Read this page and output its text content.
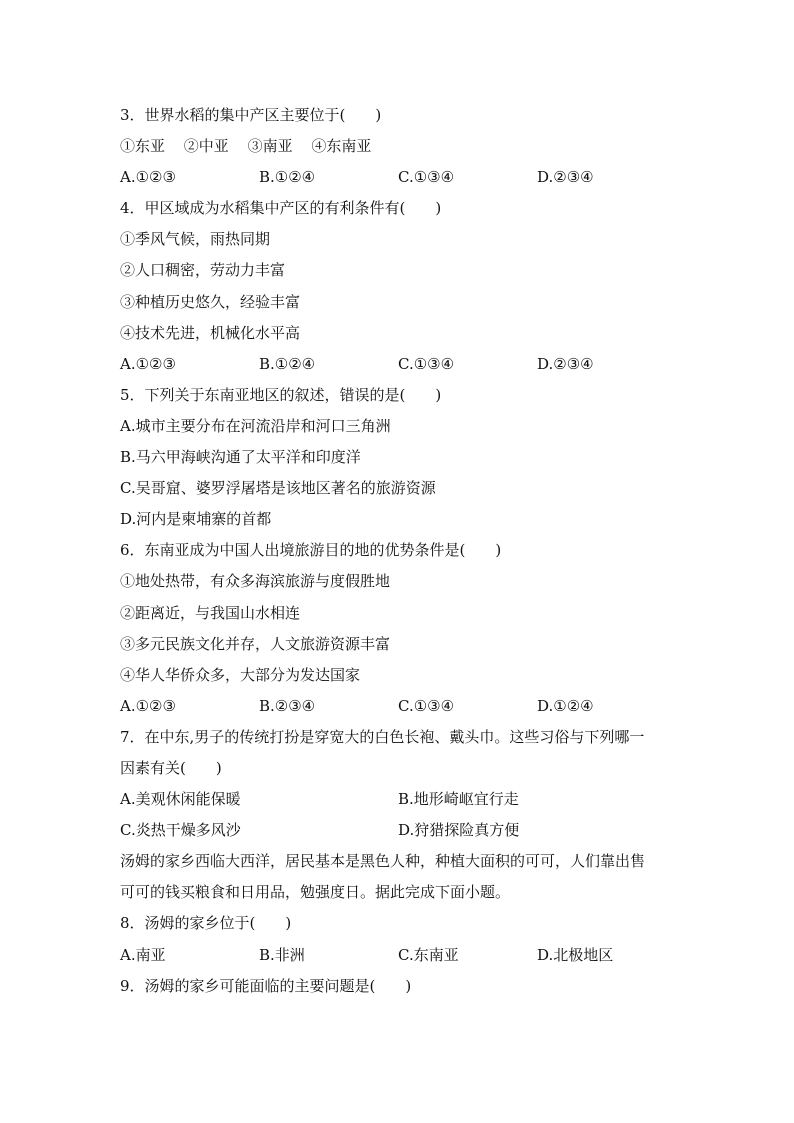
3．世界水稻的集中产区主要位于(　　)
①东亚 ②中亚 ③南亚 ④东南亚
A.①②③	B.①②④	C.①③④	D.②③④
4．甲区域成为水稻集中产区的有利条件有(　　)
①季风气候，雨热同期
②人口稠密，劳动力丰富
③种植历史悠久，经验丰富
④技术先进，机械化水平高
A.①②③	B.①②④	C.①③④	D.②③④
5．下列关于东南亚地区的叙述，错误的是(　　)
A.城市主要分布在河流沿岸和河口三角洲
B.马六甲海峡沟通了太平洋和印度洋
C.吴哥窟、婆罗浮屠塔是该地区著名的旅游资源
D.河内是柬埔寨的首都
6．东南亚成为中国人出境旅游目的地的优势条件是(　　)
①地处热带，有众多海滨旅游与度假胜地
②距离近，与我国山水相连
③多元民族文化并存，人文旅游资源丰富
④华人华侨众多，大部分为发达国家
A.①②③	B.②③④	C.①③④	D.①②④
7．在中东,男子的传统打扮是穿宽大的白色长袍、戴头巾。这些习俗与下列哪一
因素有关(　　)
A.美观休闲能保暖	B.地形崎岖宜行走
C.炎热干燥多风沙	D.狩猎探险真方便
汤姆的家乡西临大西洋，居民基本是黑色人种，种植大面积的可可，人们靠出售
可可的钱买粮食和日用品，勉强度日。据此完成下面小题。
8．汤姆的家乡位于(　　)
A.南亚	B.非洲	C.东南亚	D.北极地区
9．汤姆的家乡可能面临的主要问题是(　　)
